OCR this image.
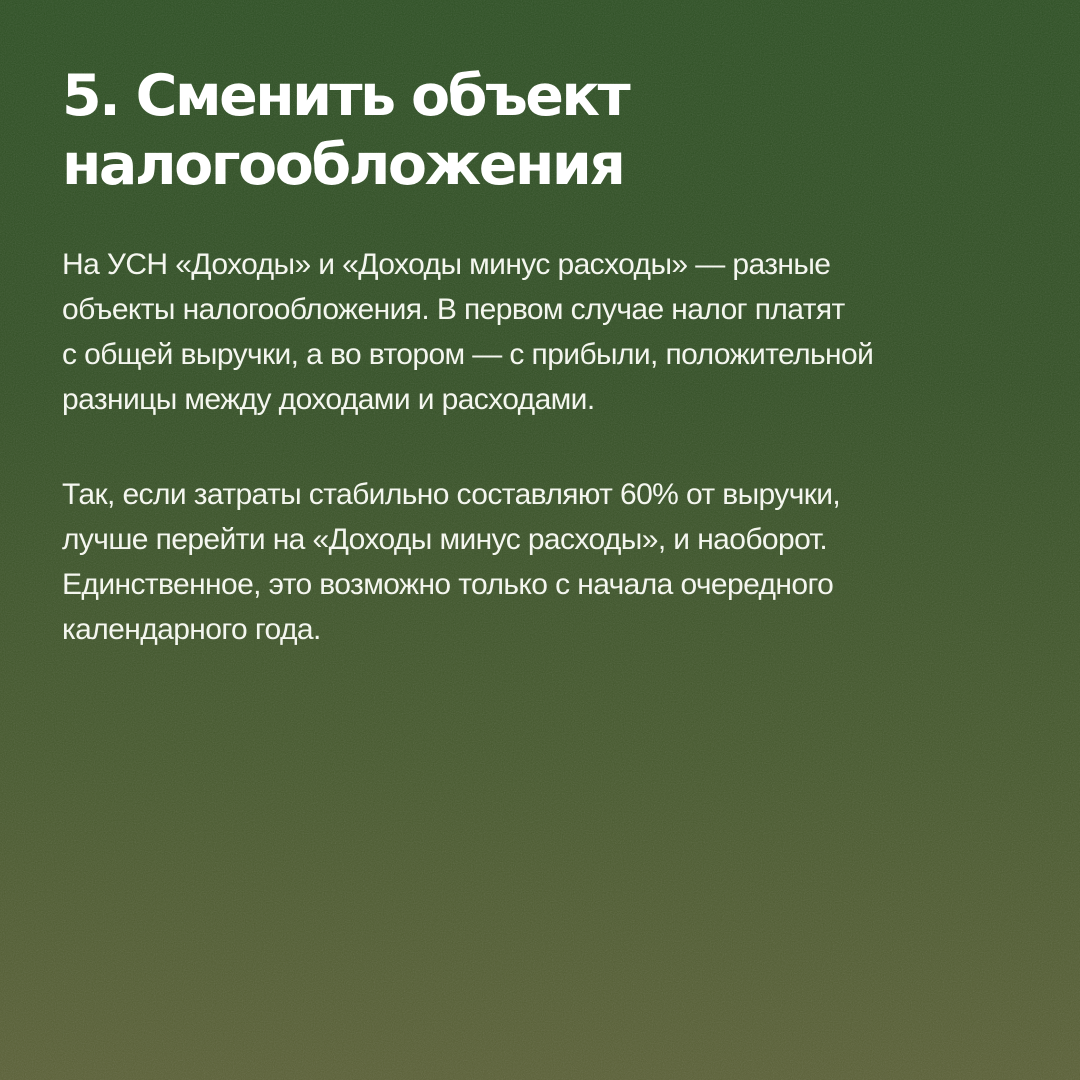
5. Сменить объект
налогообложения

На УСН «Доходы» и «Доходы минус расходы» — разные
объекты налогообложения. В первом случае налог платят
с общей выручки, а во втором — с прибыли, положительной
разницы между доходами и расходами.

Так, если затраты стабильно составляют 60% от выручки,
лучше перейти на «Доходы минус расходы», и наоборот.
Единственное, это возможно только с начала очередного
календарного года.
